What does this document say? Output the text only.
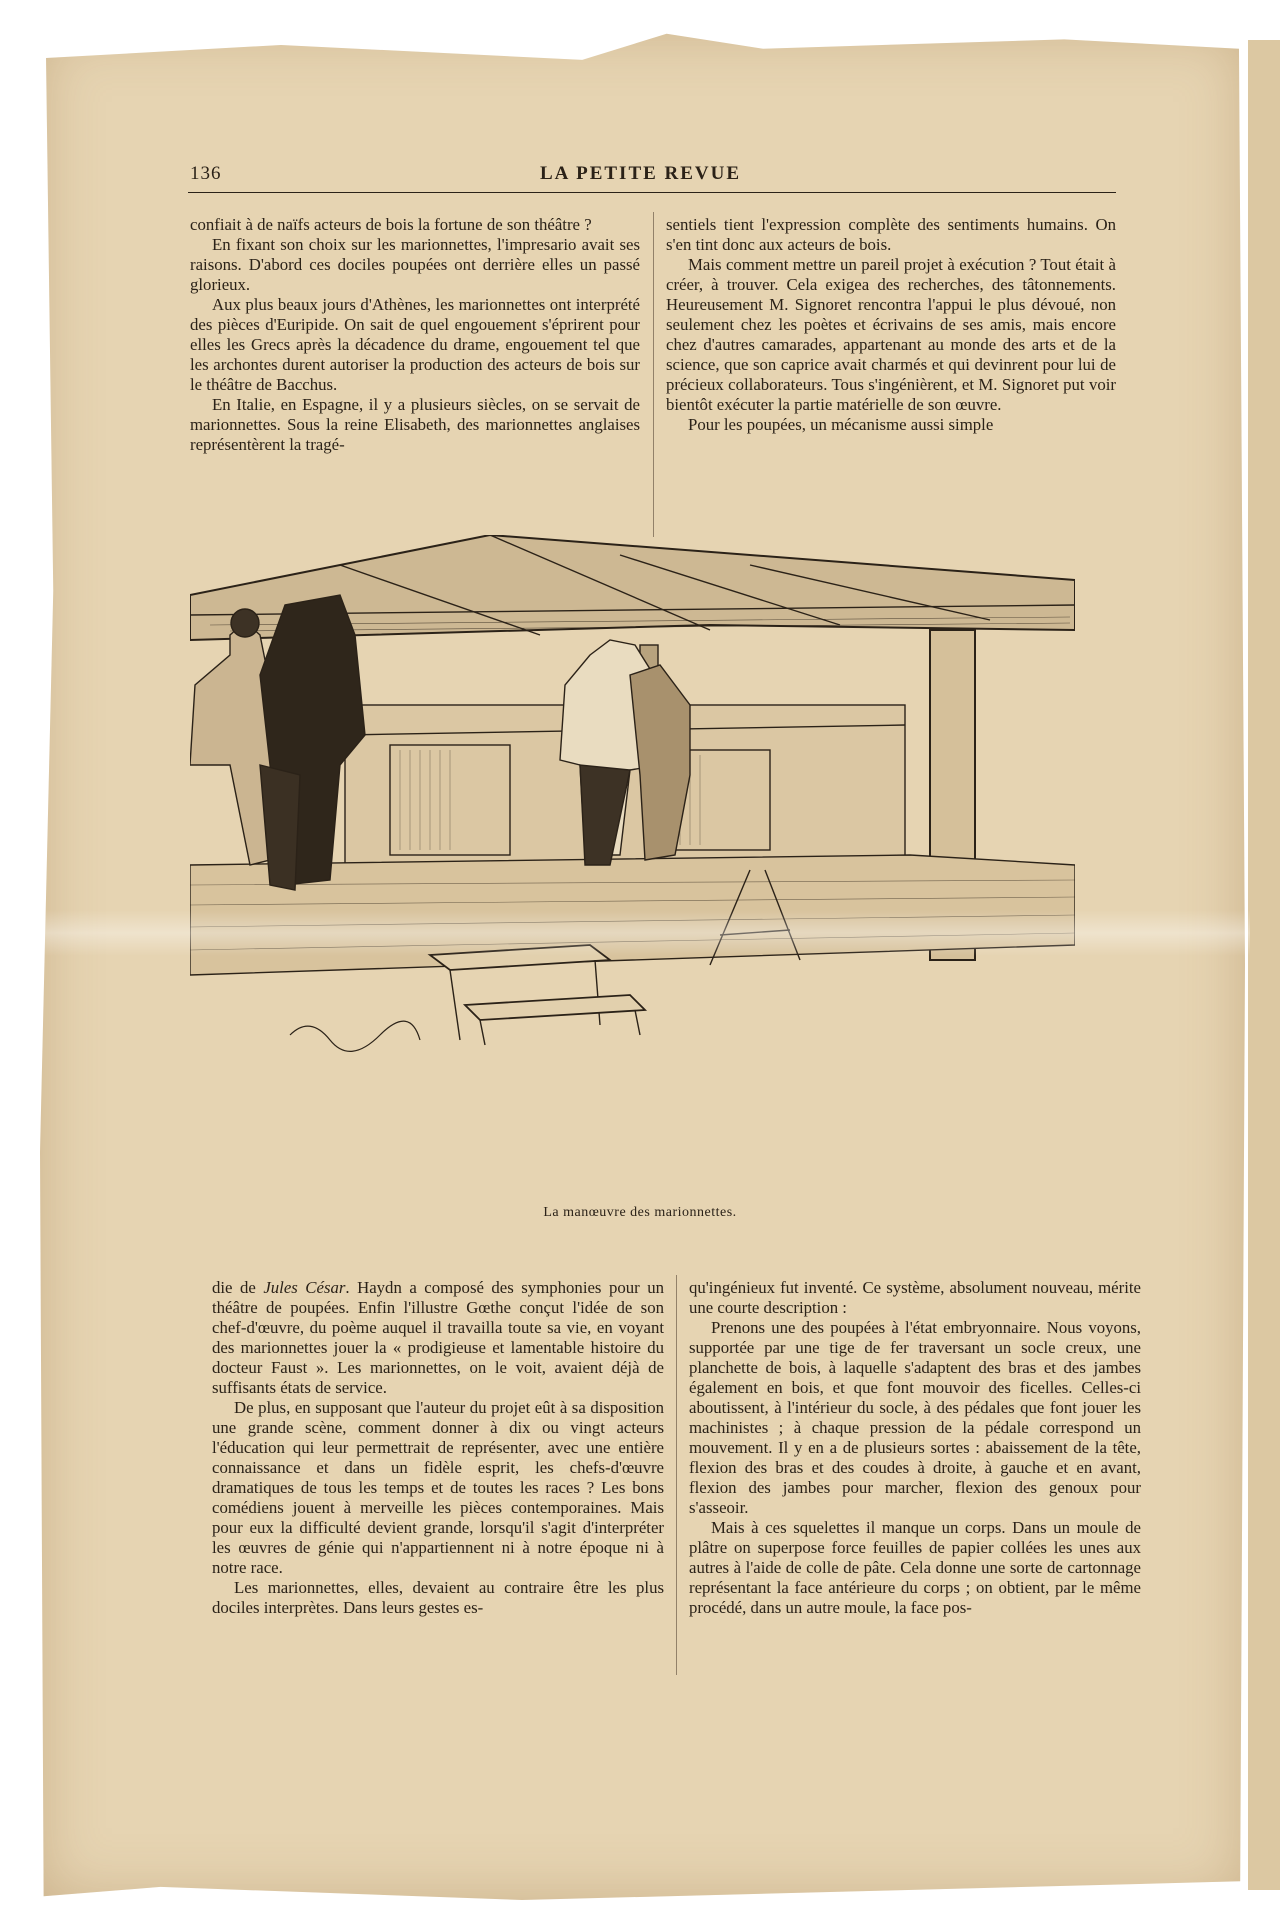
136	LA PETITE REVUE

confiait à de naïfs acteurs de bois la fortune de son théâtre ?

En fixant son choix sur les marionnettes, l'impresario avait ses raisons. D'abord ces dociles poupées ont derrière elles un passé glorieux.

Aux plus beaux jours d'Athènes, les marionnettes ont interprété des pièces d'Euripide. On sait de quel engouement s'éprirent pour elles les Grecs après la décadence du drame, engouement tel que les archontes durent autoriser la production des acteurs de bois sur le théâtre de Bacchus.

En Italie, en Espagne, il y a plusieurs siècles, on se servait de marionnettes. Sous la reine Elisabeth, des marionnettes anglaises représentèrent la tragé-

sentiels tient l'expression complète des sentiments humains. On s'en tint donc aux acteurs de bois.

Mais comment mettre un pareil projet à exécution ? Tout était à créer, à trouver. Cela exigea des recherches, des tâtonnements. Heureusement M. Signoret rencontra l'appui le plus dévoué, non seulement chez les poètes et écrivains de ses amis, mais encore chez d'autres camarades, appartenant au monde des arts et de la science, que son caprice avait charmés et qui devinrent pour lui de précieux collaborateurs. Tous s'ingénièrent, et M. Signoret put voir bientôt exécuter la partie matérielle de son œuvre.

Pour les poupées, un mécanisme aussi simple

La manœuvre des marionnettes.

die de Jules César. Haydn a composé des symphonies pour un théâtre de poupées. Enfin l'illustre Gœthe conçut l'idée de son chef-d'œuvre, du poème auquel il travailla toute sa vie, en voyant des marionnettes jouer la « prodigieuse et lamentable histoire du docteur Faust ». Les marionnettes, on le voit, avaient déjà de suffisants états de service.

De plus, en supposant que l'auteur du projet eût à sa disposition une grande scène, comment donner à dix ou vingt acteurs l'éducation qui leur permettrait de représenter, avec une entière connaissance et dans un fidèle esprit, les chefs-d'œuvre dramatiques de tous les temps et de toutes les races ? Les bons comédiens jouent à merveille les pièces contemporaines. Mais pour eux la difficulté devient grande, lorsqu'il s'agit d'interpréter les œuvres de génie qui n'appartiennent ni à notre époque ni à notre race.

Les marionnettes, elles, devaient au contraire être les plus dociles interprètes. Dans leurs gestes es-

qu'ingénieux fut inventé. Ce système, absolument nouveau, mérite une courte description :

Prenons une des poupées à l'état embryonnaire. Nous voyons, supportée par une tige de fer traversant un socle creux, une planchette de bois, à laquelle s'adaptent des bras et des jambes également en bois, et que font mouvoir des ficelles. Celles-ci aboutissent, à l'intérieur du socle, à des pédales que font jouer les machinistes ; à chaque pression de la pédale correspond un mouvement. Il y en a de plusieurs sortes : abaissement de la tête, flexion des bras et des coudes à droite, à gauche et en avant, flexion des jambes pour marcher, flexion des genoux pour s'asseoir.

Mais à ces squelettes il manque un corps. Dans un moule de plâtre on superpose force feuilles de papier collées les unes aux autres à l'aide de colle de pâte. Cela donne une sorte de cartonnage représentant la face antérieure du corps ; on obtient, par le même procédé, dans un autre moule, la face pos-
